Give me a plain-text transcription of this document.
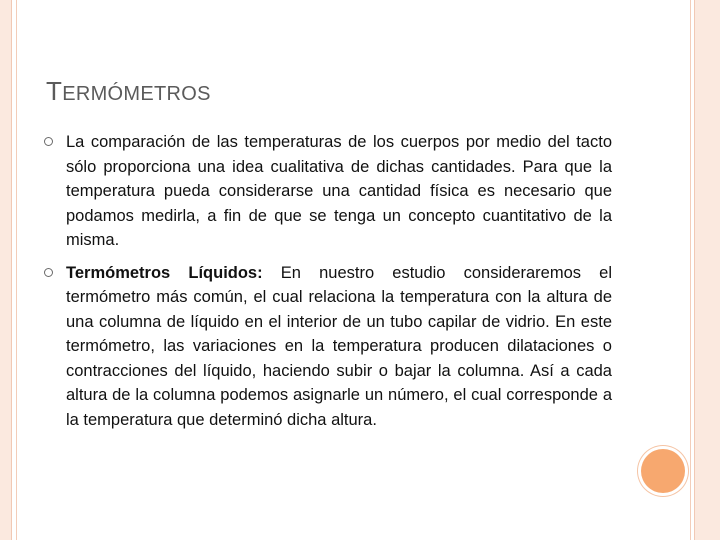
TERMÓMETROS
La comparación de las temperaturas de los cuerpos por medio del tacto sólo proporciona una idea cualitativa de dichas cantidades. Para que la temperatura pueda considerarse una cantidad física es necesario que podamos medirla, a fin de que se tenga un concepto cuantitativo de la misma.
Termómetros Líquidos: En nuestro estudio consideraremos el termómetro más común, el cual relaciona la temperatura con la altura de una columna de líquido en el interior de un tubo capilar de vidrio. En este termómetro, las variaciones en la temperatura producen dilataciones o contracciones del líquido, haciendo subir o bajar la columna. Así a cada altura de la columna podemos asignarle un número, el cual corresponde a la temperatura que determinó dicha altura.
